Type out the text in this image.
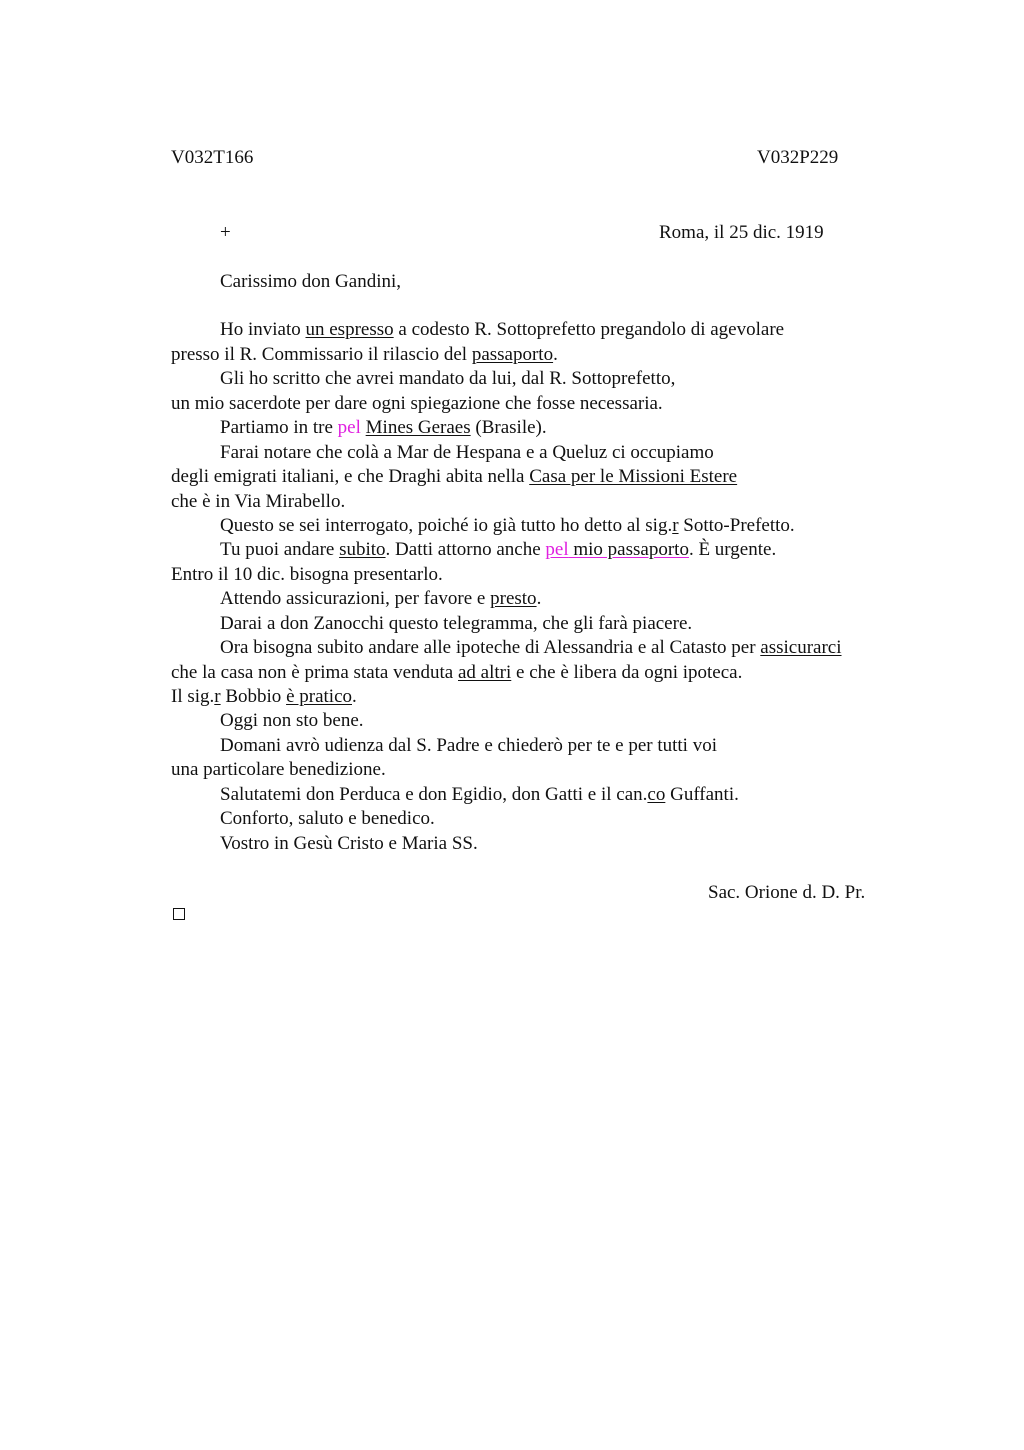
V032T166	V032P229
+	Roma, il 25 dic. 1919
Carissimo don Gandini,
Ho inviato un espresso a codesto R. Sottoprefetto pregandolo di agevolare
presso il R. Commissario il rilascio del passaporto.
Gli ho scritto che avrei mandato da lui, dal R. Sottoprefetto,
un mio sacerdote per dare ogni spiegazione che fosse necessaria.
Partiamo in tre pel Mines Geraes (Brasile).
Farai notare che colà a Mar de Hespana e a Queluz ci occupiamo
degli emigrati italiani, e che Draghi abita nella Casa per le Missioni Estere
che è in Via Mirabello.
Questo se sei interrogato, poiché io già tutto ho detto al sig.r Sotto-Prefetto.
Tu puoi andare subito. Datti attorno anche pel mio passaporto. È urgente.
Entro il 10 dic. bisogna presentarlo.
Attendo assicurazioni, per favore e presto.
Darai a don Zanocchi questo telegramma, che gli farà piacere.
Ora bisogna subito andare alle ipoteche di Alessandria e al Catasto per assicurarci
che la casa non è prima stata venduta ad altri e che è libera da ogni ipoteca.
Il sig.r Bobbio è pratico.
Oggi non sto bene.
Domani avrò udienza dal S. Padre e chiederò per te e per tutti voi
una particolare benedizione.
Salutatemi don Perduca e don Egidio, don Gatti e il can.co Guffanti.
Conforto, saluto e benedico.
Vostro in Gesù Cristo e Maria SS.
Sac. Orione d. D. Pr.
